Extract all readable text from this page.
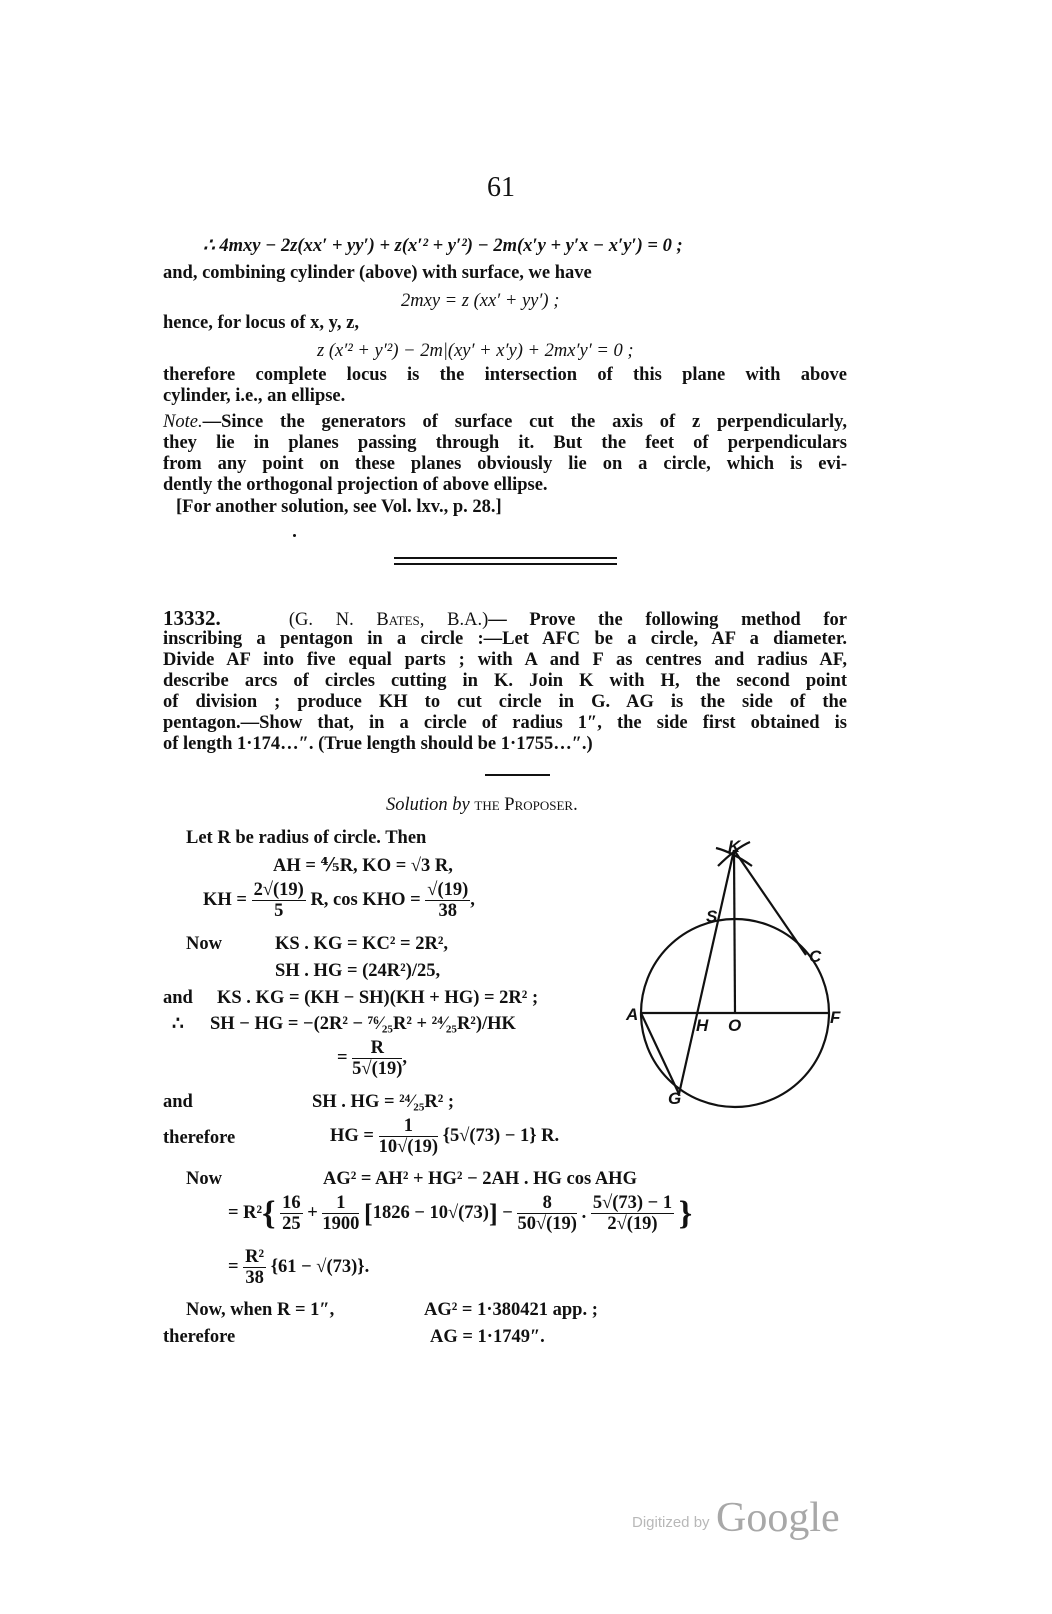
61
∴ 4mxy − 2z(xx′ + yy′) + z(x′² + y′²) − 2m(x′y + y′x − x′y′) = 0 ;
and, combining cylinder (above) with surface, we have
2mxy = z (xx′ + yy′) ;
hence, for locus of x, y, z,
z (x′² + y′²) − 2m|(xy′ + x′y) + 2mx′y′ = 0 ;
therefore complete locus is the intersection of this plane with above
cylinder, i.e., an ellipse.
Note.—Since the generators of surface cut the axis of z perpendicularly,
they lie in planes passing through it. But the feet of perpendiculars
from any point on these planes obviously lie on a circle, which is evi-
dently the orthogonal projection of above ellipse.
[For another solution, see Vol. lxv., p. 28.]
13332.	(G. N. Bates, B.A.)— Prove the following method for
inscribing a pentagon in a circle :—Let AFC be a circle, AF a diameter.
Divide AF into five equal parts ; with A and F as centres and radius AF,
describe arcs of circles cutting in K. Join K with H, the second point
of division ; produce KH to cut circle in G. AG is the side of the
pentagon.—Show that, in a circle of radius 1″, the side first obtained is
of length 1·174…″. (True length should be 1·1755…″.)
Solution by the Proposer.
Let R be radius of circle. Then
AH = ⅘R, KO = √3 R,
KH = $\frac{2√(19)}{5} R$, cos KHO = $\frac{√(19)}{38}$ ,
Now	KS . KG = KC² = 2R²,
SH . HG = (24R²)/25,
and KS . KG = (KH − SH)(KH + HG) = 2R² ;
∴ SH − HG = −(2R² − ⁷⁶⁄₂₅R² + ²⁴⁄₂₅R²)/HK
= $\frac{R}{5√(19)}$ ,
and	SH . HG = ²⁴⁄₂₅R² ;
therefore	HG = $\frac{1}{10√(19)} \{5√(73) - 1\}$ R.
Now	AG² = AH² + HG² − 2AH . HG cos AHG
= $R^2\{ \frac{16}{25} + \frac{1}{1900} [1826 - 10√(73)] - \frac{8}{50√(19)}$ . $\frac{5√(73) - 1}{2√(19)}$ }
= $\frac{\text{R²}}{38} \{61 - √(73)\}$.
Now, when R = 1″,	AG² = 1·380421 app. ;
therefore	AG = 1·1749″.
K
S
C
A
H O	F
G
Digitized by Google
